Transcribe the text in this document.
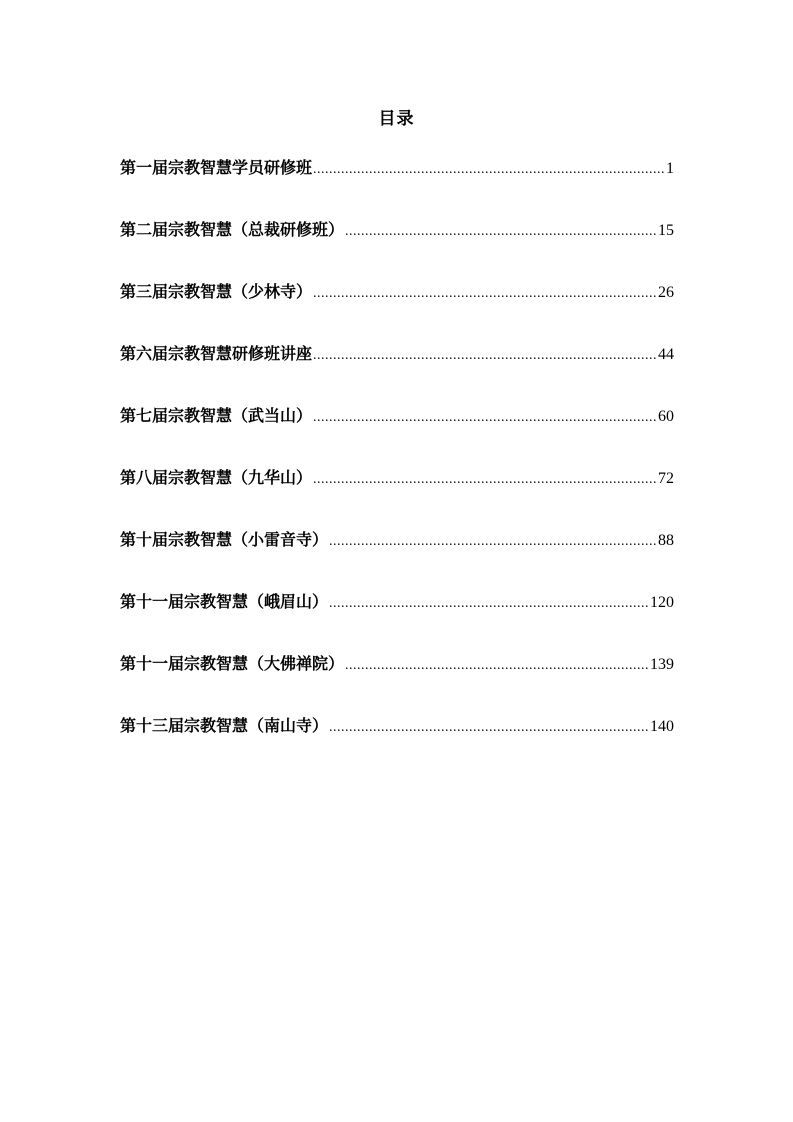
目录
第一届宗教智慧学员研修班 .....	1
第二届宗教智慧（总裁研修班） .....	15
第三届宗教智慧（少林寺） .....	26
第六届宗教智慧研修班讲座 .....	44
第七届宗教智慧（武当山） .....	60
第八届宗教智慧（九华山） .....	72
第十届宗教智慧（小雷音寺） .....	88
第十一届宗教智慧（峨眉山） .....	120
第十一届宗教智慧（大佛禅院） .....	139
第十三届宗教智慧（南山寺） .....	140
